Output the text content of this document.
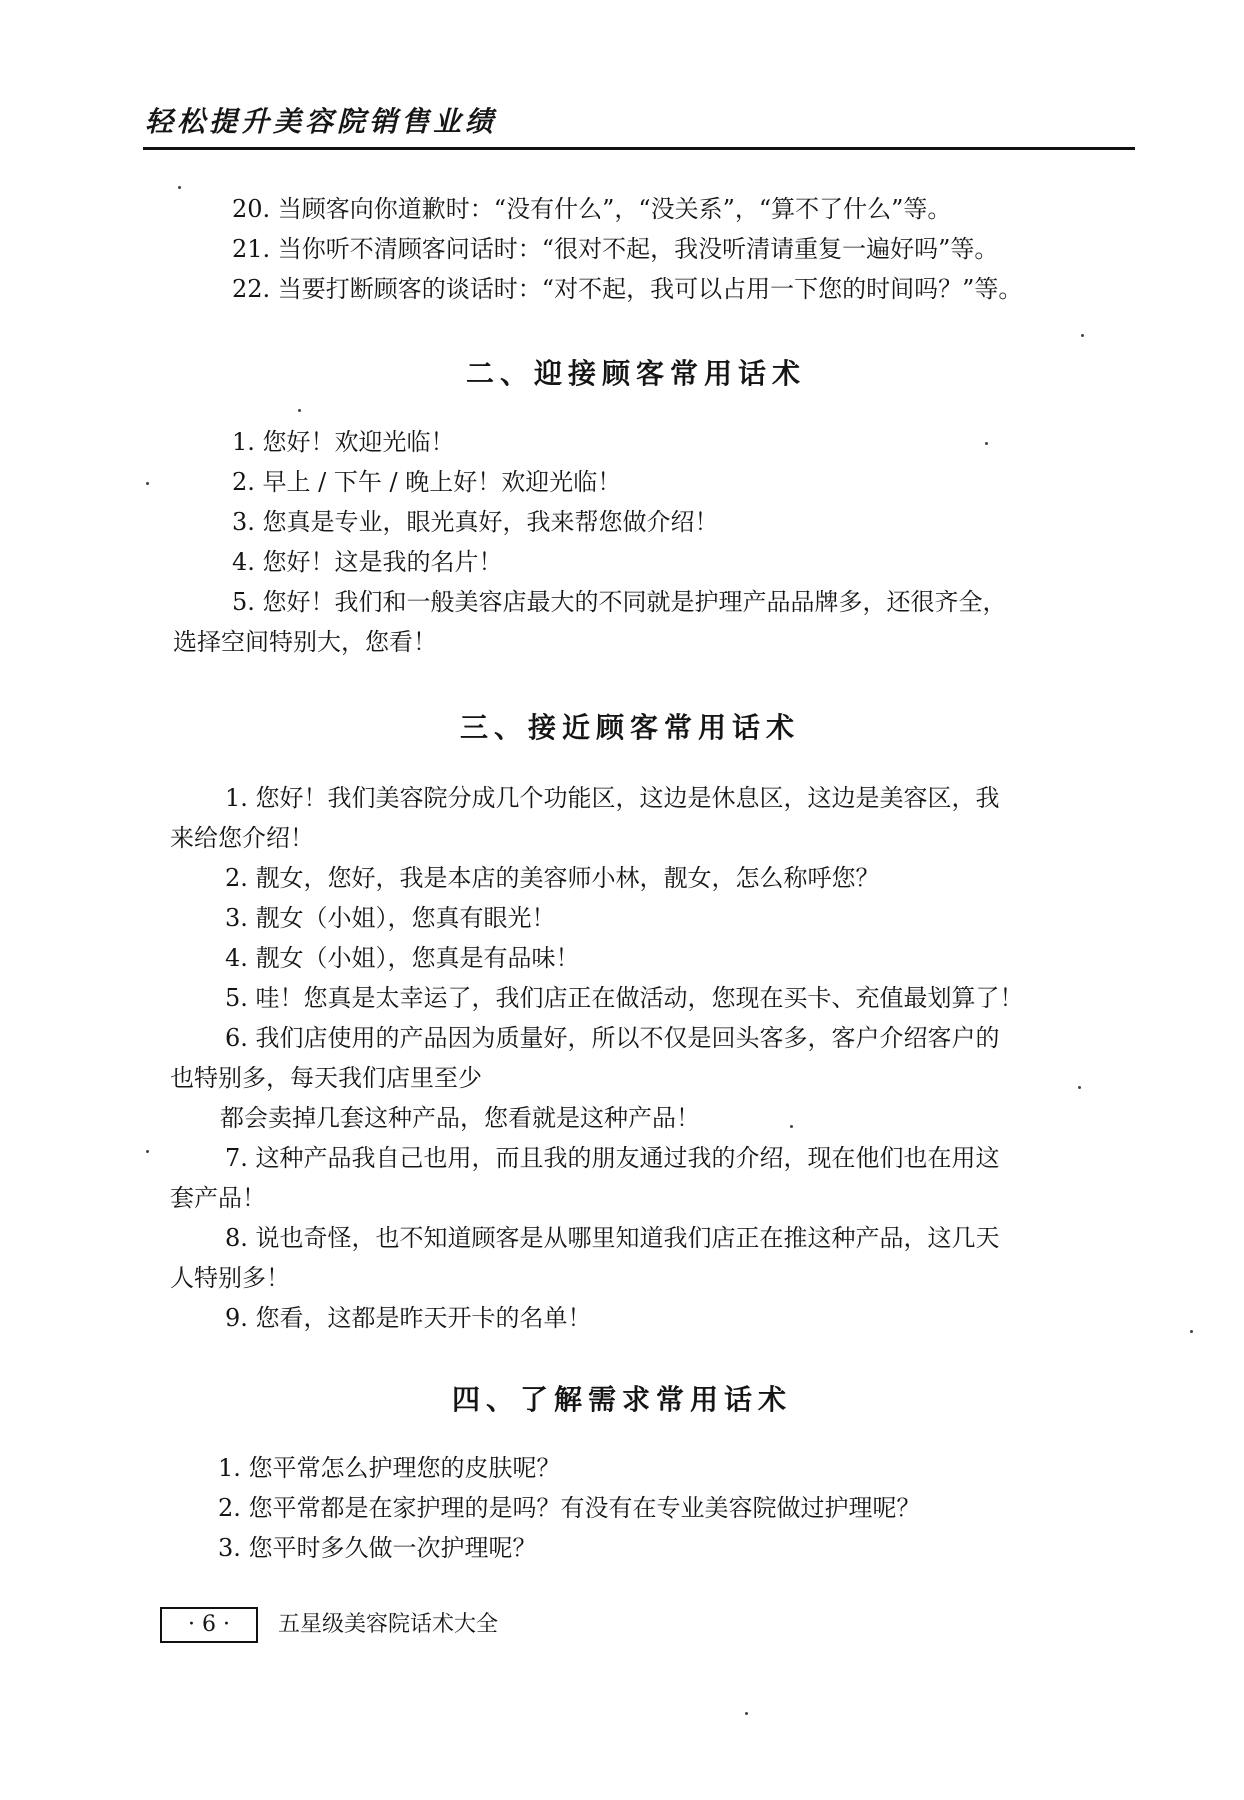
轻松提升美容院销售业绩
20. 当顾客向你道歉时：“没有什么”，“没关系”，“算不了什么”等。
21. 当你听不清顾客问话时：“很对不起，我没听清请重复一遍好吗”等。
22. 当要打断顾客的谈话时：“对不起，我可以占用一下您的时间吗？”等。
二、迎接顾客常用话术
1. 您好！欢迎光临！
2. 早上 / 下午 / 晚上好！欢迎光临！
3. 您真是专业，眼光真好，我来帮您做介绍！
4. 您好！这是我的名片！
5. 您好！我们和一般美容店最大的不同就是护理产品品牌多，还很齐全，
选择空间特别大，您看！
三、接近顾客常用话术
1. 您好！我们美容院分成几个功能区，这边是休息区，这边是美容区，我
来给您介绍！
2. 靓女，您好，我是本店的美容师小林，靓女，怎么称呼您？
3. 靓女（小姐），您真有眼光！
4. 靓女（小姐），您真是有品味！
5. 哇！您真是太幸运了，我们店正在做活动，您现在买卡、充值最划算了！
6. 我们店使用的产品因为质量好，所以不仅是回头客多，客户介绍客户的
也特别多，每天我们店里至少
都会卖掉几套这种产品，您看就是这种产品！
7. 这种产品我自己也用，而且我的朋友通过我的介绍，现在他们也在用这
套产品！
8. 说也奇怪，也不知道顾客是从哪里知道我们店正在推这种产品，这几天
人特别多！
9. 您看，这都是昨天开卡的名单！
四、了解需求常用话术
1. 您平常怎么护理您的皮肤呢？
2. 您平常都是在家护理的是吗？有没有在专业美容院做过护理呢？
3. 您平时多久做一次护理呢？
· 6 ·	五星级美容院话术大全
